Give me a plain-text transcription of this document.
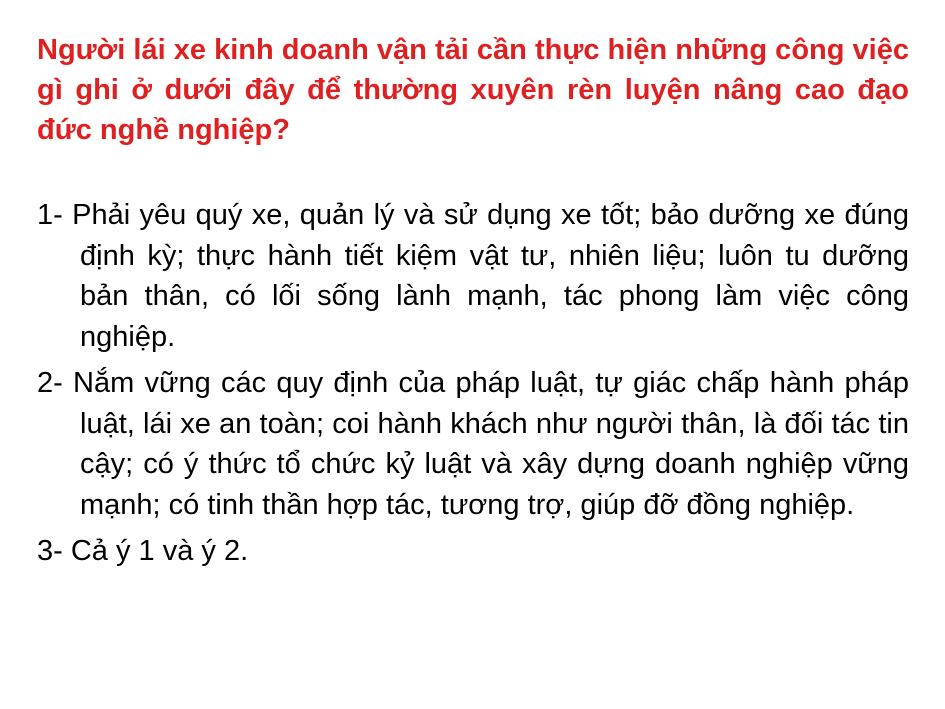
Người lái xe kinh doanh vận tải cần thực hiện những công việc gì ghi ở dưới đây để thường xuyên rèn luyện nâng cao đạo đức nghề nghiệp?

1- Phải yêu quý xe, quản lý và sử dụng xe tốt; bảo dưỡng xe đúng định kỳ; thực hành tiết kiệm vật tư, nhiên liệu; luôn tu dưỡng bản thân, có lối sống lành mạnh, tác phong làm việc công nghiệp.
2- Nắm vững các quy định của pháp luật, tự giác chấp hành pháp luật, lái xe an toàn; coi hành khách như người thân, là đối tác tin cậy; có ý thức tổ chức kỷ luật và xây dựng doanh nghiệp vững mạnh; có tinh thần hợp tác, tương trợ, giúp đỡ đồng nghiệp.
3- Cả ý 1 và ý 2.
